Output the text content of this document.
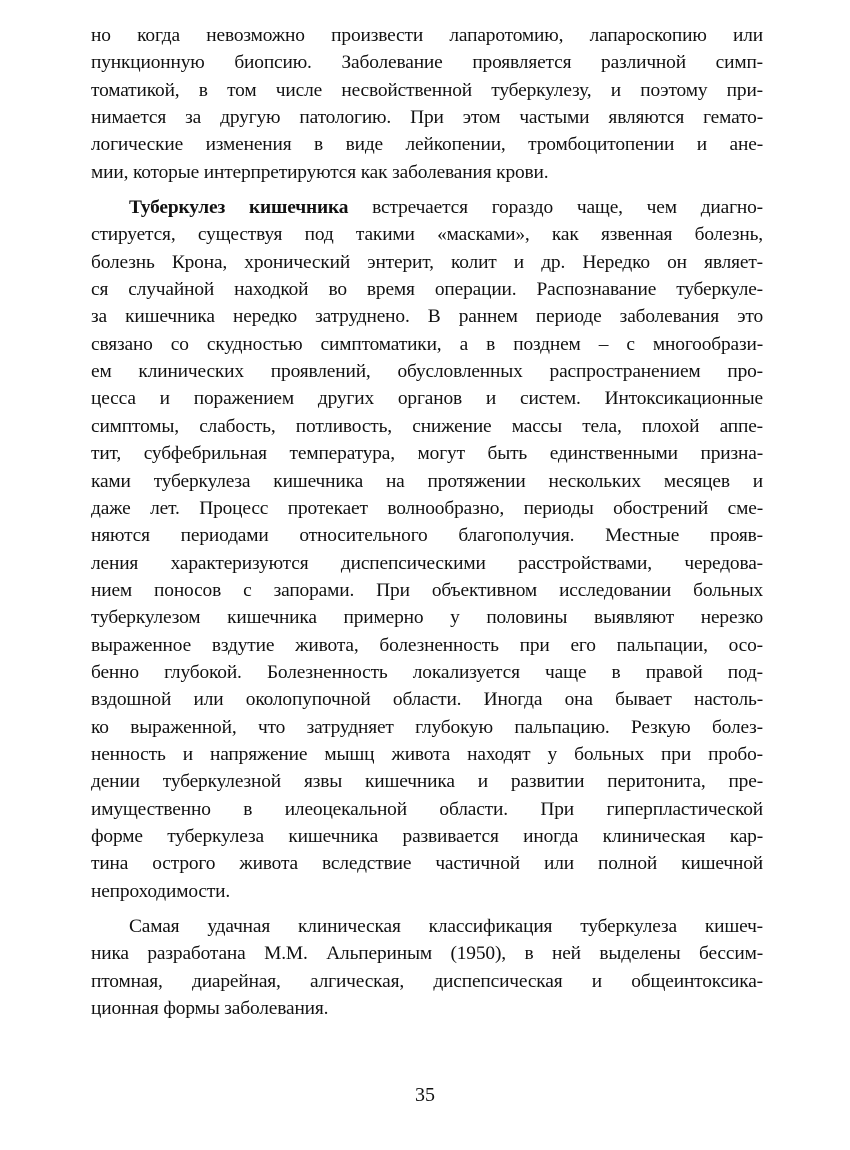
но когда невозможно произвести лапаротомию, лапароскопию или
пункционную биопсию. Заболевание проявляется различной симп-
томатикой, в том числе несвойственной туберкулезу, и поэтому при-
нимается за другую патологию. При этом частыми являются гемато-
логические изменения в виде лейкопении, тромбоцитопении и ане-
мии, которые интерпретируются как заболевания крови.
Туберкулез кишечника встречается гораздо чаще, чем диагно-
стируется, существуя под такими «масками», как язвенная болезнь,
болезнь Крона, хронический энтерит, колит и др. Нередко он являет-
ся случайной находкой во время операции. Распознавание туберкуле-
за кишечника нередко затруднено. В раннем периоде заболевания это
связано со скудностью симптоматики, а в позднем – с многообрази-
ем клинических проявлений, обусловленных распространением про-
цесса и поражением других органов и систем. Интоксикационные
симптомы, слабость, потливость, снижение массы тела, плохой аппе-
тит, субфебрильная температура, могут быть единственными призна-
ками туберкулеза кишечника на протяжении нескольких месяцев и
даже лет. Процесс протекает волнообразно, периоды обострений сме-
няются периодами относительного благополучия. Местные прояв-
ления характеризуются диспепсическими расстройствами, чередова-
нием поносов с запорами. При объективном исследовании больных
туберкулезом кишечника примерно у половины выявляют нерезко
выраженное вздутие живота, болезненность при его пальпации, осо-
бенно глубокой. Болезненность локализуется чаще в правой под-
вздошной или околопупочной области. Иногда она бывает настоль-
ко выраженной, что затрудняет глубокую пальпацию. Резкую болез-
ненность и напряжение мышц живота находят у больных при пробо-
дении туберкулезной язвы кишечника и развитии перитонита, пре-
имущественно в илеоцекальной области. При гиперпластической
форме туберкулеза кишечника развивается иногда клиническая кар-
тина острого живота вследствие частичной или полной кишечной
непроходимости.
Самая удачная клиническая классификация туберкулеза кишеч-
ника разработана М.М. Альпериным (1950), в ней выделены бессим-
птомная, диарейная, алгическая, диспепсическая и общеинтоксика-
ционная формы заболевания.
35
